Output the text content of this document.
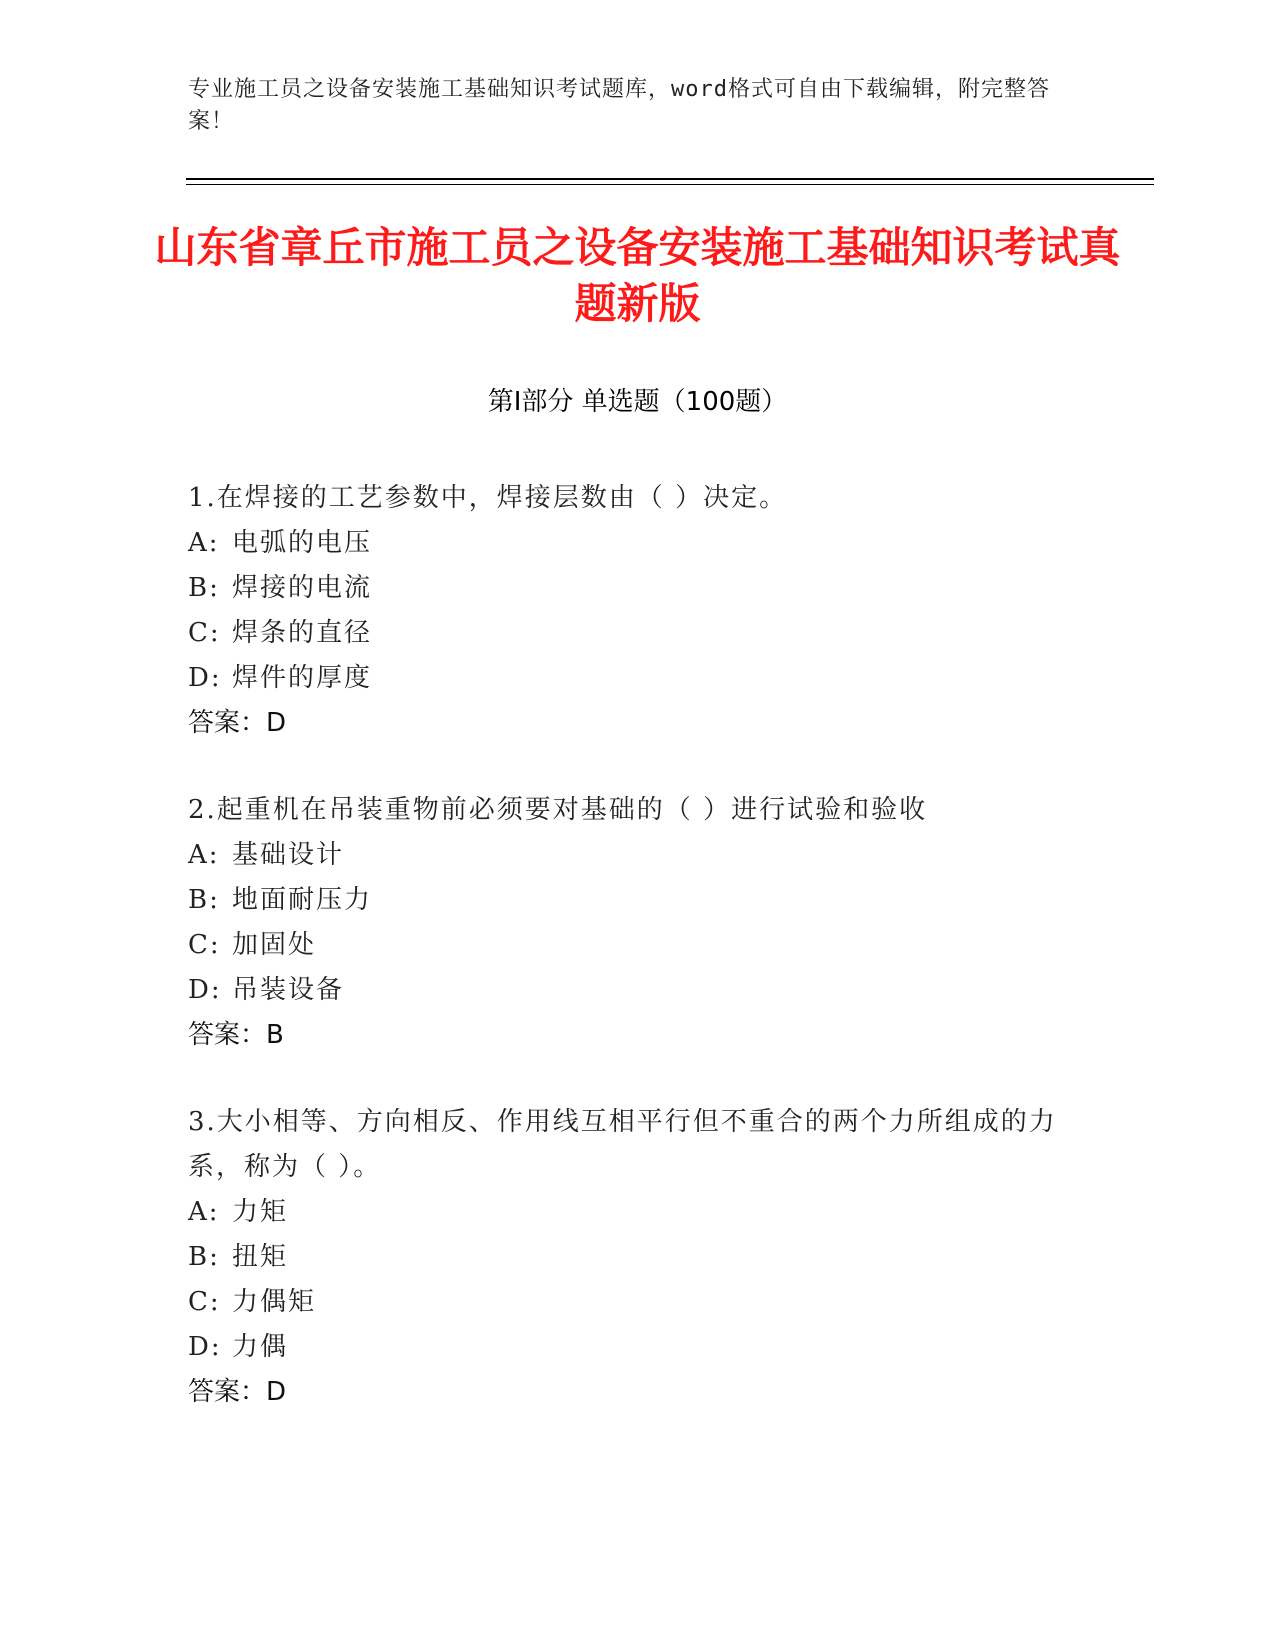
专业施工员之设备安装施工基础知识考试题库，word格式可自由下载编辑，附完整答案！
山东省章丘市施工员之设备安装施工基础知识考试真题新版
第Ⅰ部分 单选题（100题）

1.在焊接的工艺参数中，焊接层数由（ ）决定。

A: 电弧的电压

B: 焊接的电流

C: 焊条的直径

D: 焊件的厚度

答案：D

2.起重机在吊装重物前必须要对基础的（ ）进行试验和验收

A: 基础设计

B: 地面耐压力

C: 加固处

D: 吊装设备

答案：B

3.大小相等、方向相反、作用线互相平行但不重合的两个力所组成的力系，称为（ ）。

A: 力矩

B: 扭矩

C: 力偶矩

D: 力偶

答案：D
